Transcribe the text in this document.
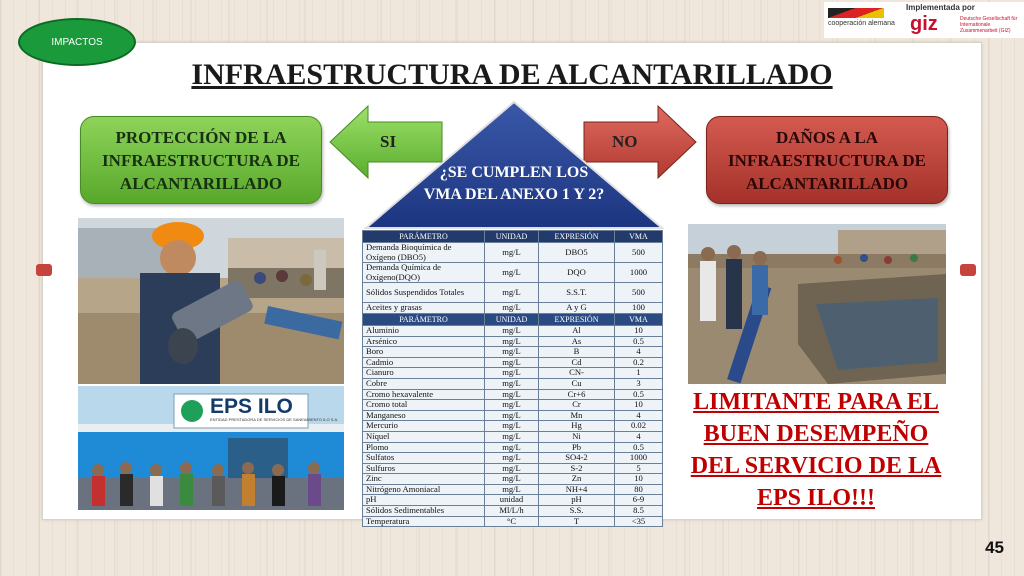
IMPACTOS
cooperación alemana
Implementada por
giz	Deutsche Gesellschaft für Internationale Zusammenarbeit (GIZ)
INFRAESTRUCTURA DE ALCANTARILLADO
PROTECCIÓN DE LA INFRAESTRUCTURA DE ALCANTARILLADO
DAÑOS A LA INFRAESTRUCTURA DE ALCANTARILLADO
SI	NO
¿SE CUMPLEN LOS VMA DEL ANEXO 1 Y 2?
EPS ILO
ENTIDAD PRESTADORA DE SERVICIOS DE SANEAMIENTO ILO S.A.
PARÁMETRO	UNIDAD	EXPRESIÓN	VMA
Demanda Bioquímica de Oxígeno (DBO5)	mg/L	DBO5	500
Demanda Química de Oxígeno(DQO)	mg/L	DQO	1000
Sólidos Suspendidos Totales	mg/L	S.S.T.	500
Aceites y grasas	mg/L	A y G	100
PARÁMETRO	UNIDAD	EXPRESIÓN	VMA
Aluminio	mg/L	Al	10
Arsénico	mg/L	As	0.5
Boro	mg/L	B	4
Cadmio	mg/L	Cd	0.2
Cianuro	mg/L	CN-	1
Cobre	mg/L	Cu	3
Cromo hexavalente	mg/L	Cr+6	0.5
Cromo total	mg/L	Cr	10
Manganeso	mg/L	Mn	4
Mercurio	mg/L	Hg	0.02
Níquel	mg/L	Ni	4
Plomo	mg/L	Pb	0.5
Sulfatos	mg/L	SO4-2	1000
Sulfuros	mg/L	S-2	5
Zinc	mg/L	Zn	10
Nitrógeno Amoniacal	mg/L	NH+4	80
pH	unidad	pH	6-9
Sólidos Sedimentables	Ml/L/h	S.S.	8.5
Temperatura	°C	T	<35
LIMITANTE PARA EL BUEN DESEMPEÑO DEL SERVICIO DE LA EPS ILO!!!
45
